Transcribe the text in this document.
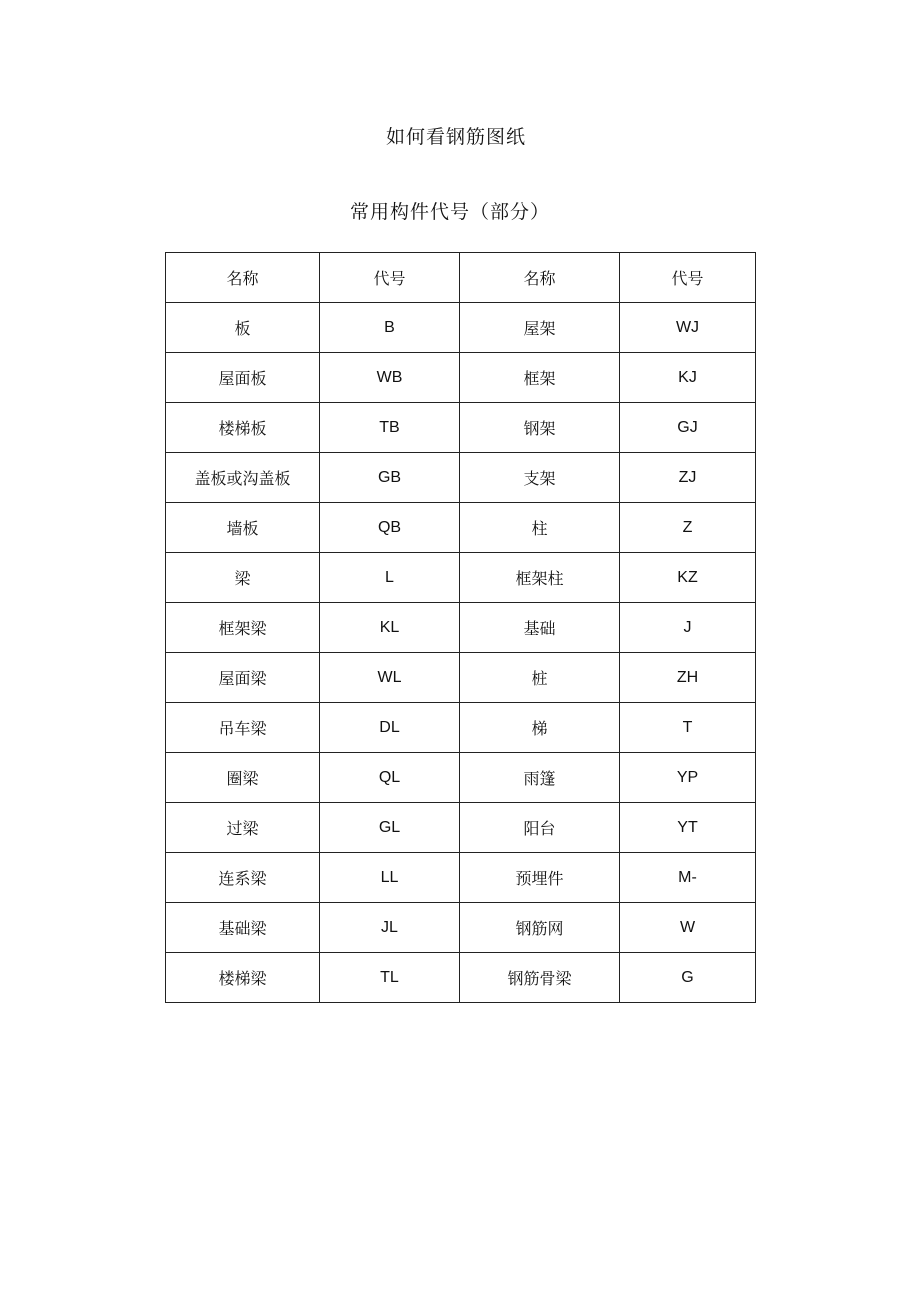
如何看钢筋图纸
常用构件代号（部分）
名称	代号	名称	代号
板	B	屋架	WJ
屋面板	WB	框架	KJ
楼梯板	TB	钢架	GJ
盖板或沟盖板	GB	支架	ZJ
墙板	QB	柱	Z
梁	L	框架柱	KZ
框架梁	KL	基础	J
屋面梁	WL	桩	ZH
吊车梁	DL	梯	T
圈梁	QL	雨篷	YP
过梁	GL	阳台	YT
连系梁	LL	预埋件	M-
基础梁	JL	钢筋网	W
楼梯梁	TL	钢筋骨梁	G
